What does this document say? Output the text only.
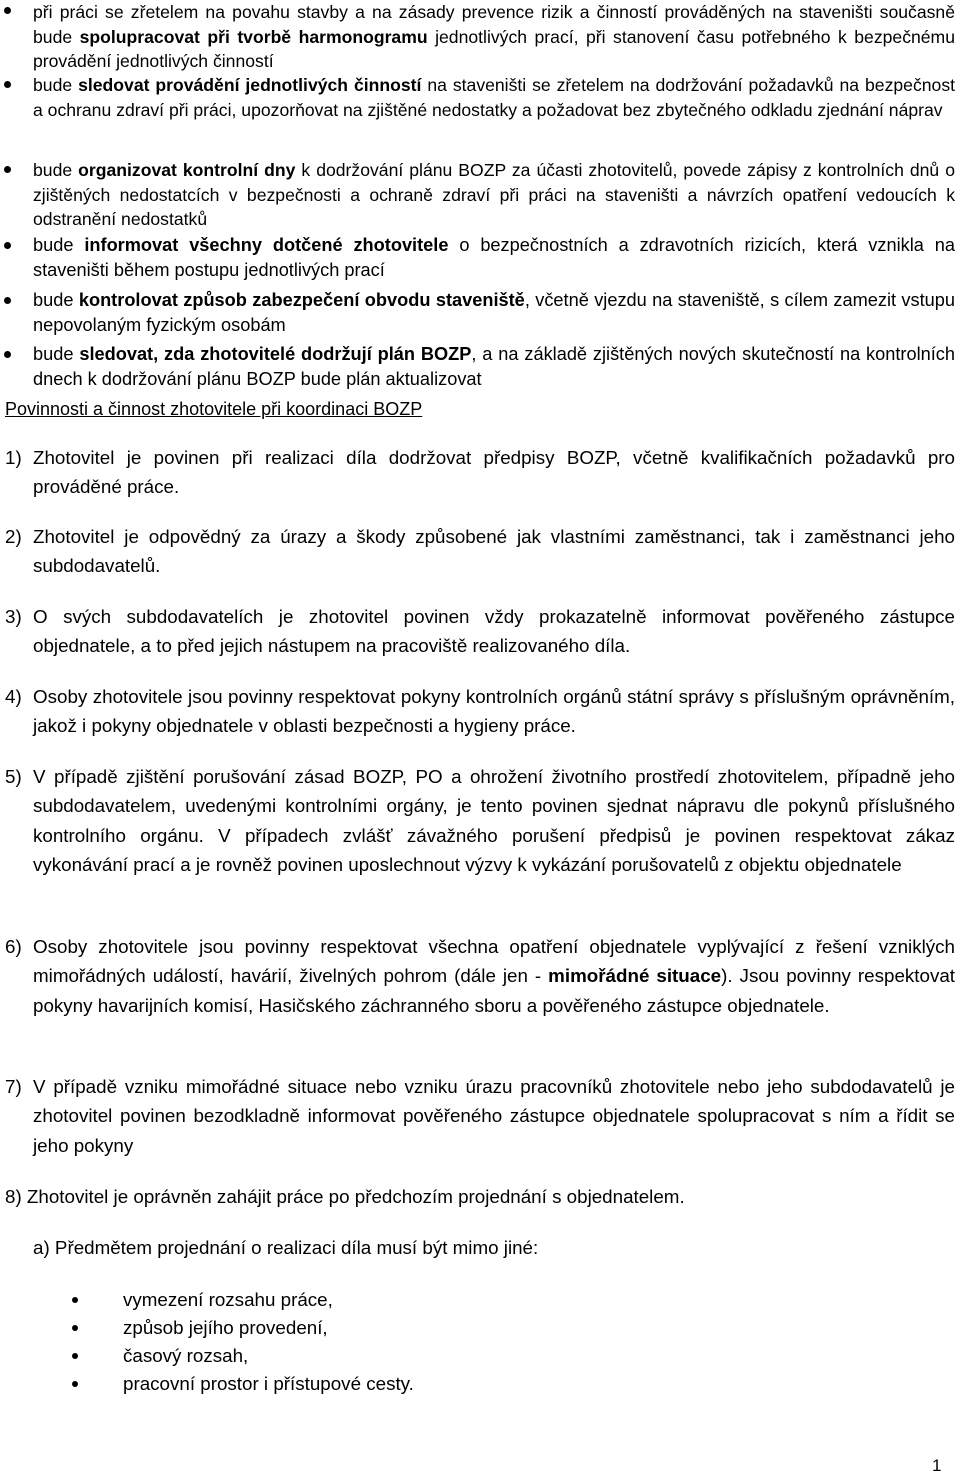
při práci se zřetelem na povahu stavby a na zásady prevence rizik a činností prováděných na staveništi současně bude spolupracovat při tvorbě harmonogramu jednotlivých prací, při stanovení času potřebného k bezpečnému provádění jednotlivých činností
bude sledovat provádění jednotlivých činností na staveništi se zřetelem na dodržování požadavků na bezpečnost a ochranu zdraví při práci, upozorňovat na zjištěné nedostatky a požadovat bez zbytečného odkladu zjednání náprav
bude organizovat kontrolní dny k dodržování plánu BOZP za účasti zhotovitelů, povede zápisy z kontrolních dnů o zjištěných nedostatcích v bezpečnosti a ochraně zdraví při práci na staveništi a návrzích opatření vedoucích k odstranění nedostatků
bude informovat všechny dotčené zhotovitele o bezpečnostních a zdravotních rizicích, která vznikla na staveništi během postupu jednotlivých prací
bude kontrolovat způsob zabezpečení obvodu staveniště, včetně vjezdu na staveniště, s cílem zamezit vstupu nepovolaným fyzickým osobám
bude sledovat, zda zhotovitelé dodržují plán BOZP, a na základě zjištěných nových skutečností na kontrolních dnech k dodržování plánu BOZP bude plán aktualizovat
Povinnosti a činnost zhotovitele při koordinaci BOZP
1) Zhotovitel je povinen při realizaci díla dodržovat předpisy BOZP, včetně kvalifikačních požadavků pro prováděné práce.
2) Zhotovitel je odpovědný za úrazy a škody způsobené jak vlastními zaměstnanci, tak i zaměstnanci jeho subdodavatelů.
3) O svých subdodavatelích je zhotovitel povinen vždy prokazatelně informovat pověřeného zástupce objednatele, a to před jejich nástupem na pracoviště realizovaného díla.
4) Osoby zhotovitele jsou povinny respektovat pokyny kontrolních orgánů státní správy s příslušným oprávněním, jakož i pokyny objednatele v oblasti bezpečnosti a hygieny práce.
5) V případě zjištění porušování zásad BOZP, PO a ohrožení životního prostředí zhotovitelem, případně jeho subdodavatelem, uvedenými kontrolními orgány, je tento povinen sjednat nápravu dle pokynů příslušného kontrolního orgánu. V případech zvlášť závažného porušení předpisů je povinen respektovat zákaz vykonávání prací a je rovněž povinen uposlechnout výzvy k vykázání porušovatelů z objektu objednatele
6) Osoby zhotovitele jsou povinny respektovat všechna opatření objednatele vyplývající z řešení vzniklých mimořádných událostí, havárií, živelných pohrom (dále jen - mimořádné situace). Jsou povinny respektovat pokyny havarijních komisí, Hasičského záchranného sboru a pověřeného zástupce objednatele.
7) V případě vzniku mimořádné situace nebo vzniku úrazu pracovníků zhotovitele nebo jeho subdodavatelů je zhotovitel povinen bezodkladně informovat pověřeného zástupce objednatele spolupracovat s ním a řídit se jeho pokyny
8) Zhotovitel je oprávněn zahájit práce po předchozím projednání s objednatelem.
a) Předmětem projednání o realizaci díla musí být mimo jiné:
vymezení rozsahu práce,
způsob jejího provedení,
časový rozsah,
pracovní prostor i přístupové cesty.
1
